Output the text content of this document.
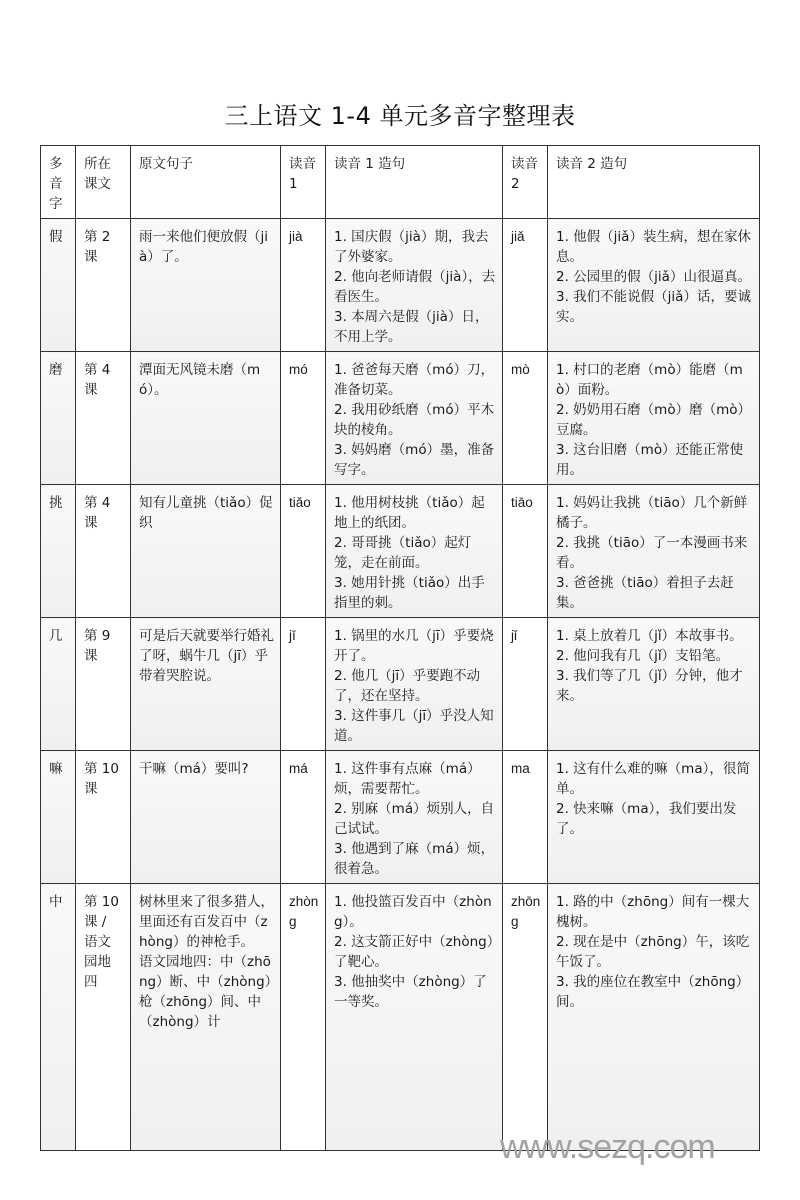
三上语文 1-4 单元多音字整理表
多音字	所在课文	原文句子	读音1	读音 1 造句	读音2	读音 2 造句
假	第 2 课	雨一来他们便放假（jià）了。	jià	1. 国庆假（jià）期，我去了外婆家。
2. 他向老师请假（jià），去看医生。
3. 本周六是假（jià）日，不用上学。	jiǎ	1. 他假（jiǎ）装生病，想在家休息。
2. 公园里的假（jiǎ）山很逼真。
3. 我们不能说假（jiǎ）话，要诚实。

磨	第 4 课	潭面无风镜未磨（mó）。	mó	1. 爸爸每天磨（mó）刀，准备切菜。
2. 我用砂纸磨（mó）平木块的棱角。
3. 妈妈磨（mó）墨，准备写字。	mò	1. 村口的老磨（mò）能磨（mò）面粉。
2. 奶奶用石磨（mò）磨（mò）豆腐。
3. 这台旧磨（mò）还能正常使用。

挑	第 4 课	知有儿童挑（tiǎo）促织	tiǎo	1. 他用树枝挑（tiǎo）起地上的纸团。
2. 哥哥挑（tiǎo）起灯笼，走在前面。
3. 她用针挑（tiǎo）出手指里的刺。	tiāo	1. 妈妈让我挑（tiāo）几个新鲜橘子。
2. 我挑（tiāo）了一本漫画书来看。
3. 爸爸挑（tiāo）着担子去赶集。

几	第 9 课	可是后天就要举行婚礼了呀，蜗牛几（jī）乎带着哭腔说。	jī	1. 锅里的水几（jī）乎要烧开了。
2. 他几（jī）乎要跑不动了，还在坚持。
3. 这件事几（jī）乎没人知道。	jǐ	1. 桌上放着几（jǐ）本故事书。
2. 他问我有几（jǐ）支铅笔。
3. 我们等了几（jǐ）分钟，他才来。

嘛	第 10 课	干嘛（má）要叫?	má	1. 这件事有点麻（má）烦，需要帮忙。
2. 别麻（má）烦别人，自己试试。
3. 他遇到了麻（má）烦，很着急。	ma	1. 这有什么难的嘛（ma），很简单。
2. 快来嘛（ma），我们要出发了。

中	第 10 课 / 语文园地四	树林里来了很多猎人，里面还有百发百中（zhòng）的神枪手。
语文园地四：中（zhōng）断、中（zhòng）枪（zhōng）间、中（zhòng）计	zhòng	1. 他投篮百发百中（zhòng）。
2. 这支箭正好中（zhòng）了靶心。
3. 他抽奖中（zhòng）了一等奖。	zhōng	1. 路的中（zhōng）间有一棵大槐树。
2. 现在是中（zhōng）午，该吃午饭了。
3. 我的座位在教室中（zhōng）间。
www.sezq.com
